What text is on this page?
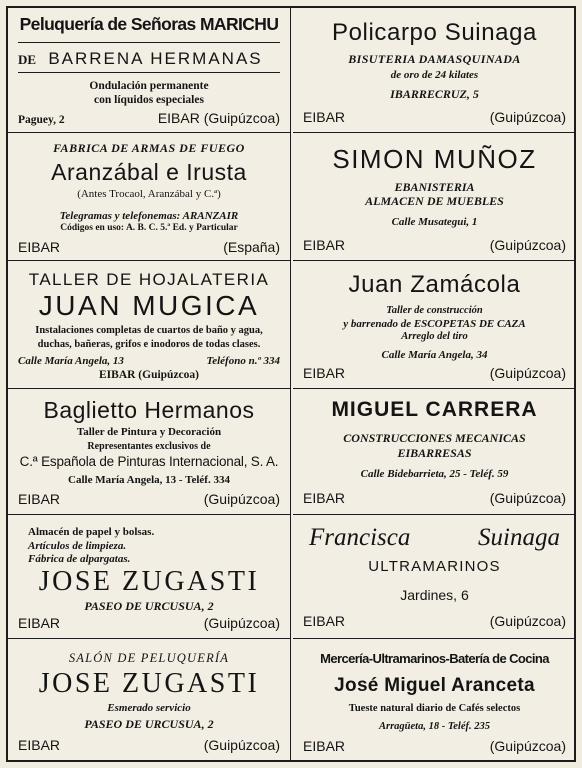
Peluquería de Señoras MARICHU
DE BARRENA HERMANAS
Ondulación permanente
con líquidos especiales
Paguey, 2	EIBAR (Guipúzcoa)
FABRICA DE ARMAS DE FUEGO
Aranzábal e Irusta
(Antes Trocaol, Aranzábal y C.ª)
Telegramas y telefonemas: ARANZAIR
Códigos en uso: A. B. C. 5.ª Ed. y Particular
EIBAR	(España)
TALLER DE HOJALATERIA
JUAN MUGICA
Instalaciones completas de cuartos de baño y agua,
duchas, bañeras, grifos e inodoros de todas clases.
Calle María Angela, 13	Teléfono n.º 334
EIBAR (Guipúzcoa)
Baglietto Hermanos
Taller de Pintura y Decoración
Representantes exclusivos de
C.ª Española de Pinturas Internacional, S. A.
Calle María Angela, 13 - Teléf. 334
EIBAR	(Guipúzcoa)
Almacén de papel y bolsas.
Artículos de limpieza.
Fábrica de alpargatas.
JOSE ZUGASTI
PASEO DE URCUSUA, 2
EIBAR	(Guipúzcoa)
SALÓN DE PELUQUERÍA
JOSE ZUGASTI
Esmerado servicio
PASEO DE URCUSUA, 2
EIBAR	(Guipúzcoa)
Policarpo Suinaga
BISUTERIA DAMASQUINADA
de oro de 24 kilates
IBARRECRUZ, 5
EIBAR	(Guipúzcoa)
SIMON MUÑOZ
EBANISTERIA
ALMACEN DE MUEBLES
Calle Musategui, 1
EIBAR	(Guipúzcoa)
Juan Zamácola
Taller de construcción
y barrenado de ESCOPETAS DE CAZA
Arreglo del tiro
Calle María Angela, 34
EIBAR	(Guipúzcoa)
MIGUEL CARRERA
CONSTRUCCIONES MECANICAS
EIBARRESAS
Calle Bidebarrieta, 25 - Teléf. 59
EIBAR	(Guipúzcoa)
Francisca	Suinaga
ULTRAMARINOS
Jardines, 6
EIBAR	(Guipúzcoa)
Mercería-Ultramarinos-Batería de Cocina
José Miguel Aranceta
Tueste natural diario de Cafés selectos
Arragüeta, 18 - Teléf. 235
EIBAR	(Guipúzcoa)
